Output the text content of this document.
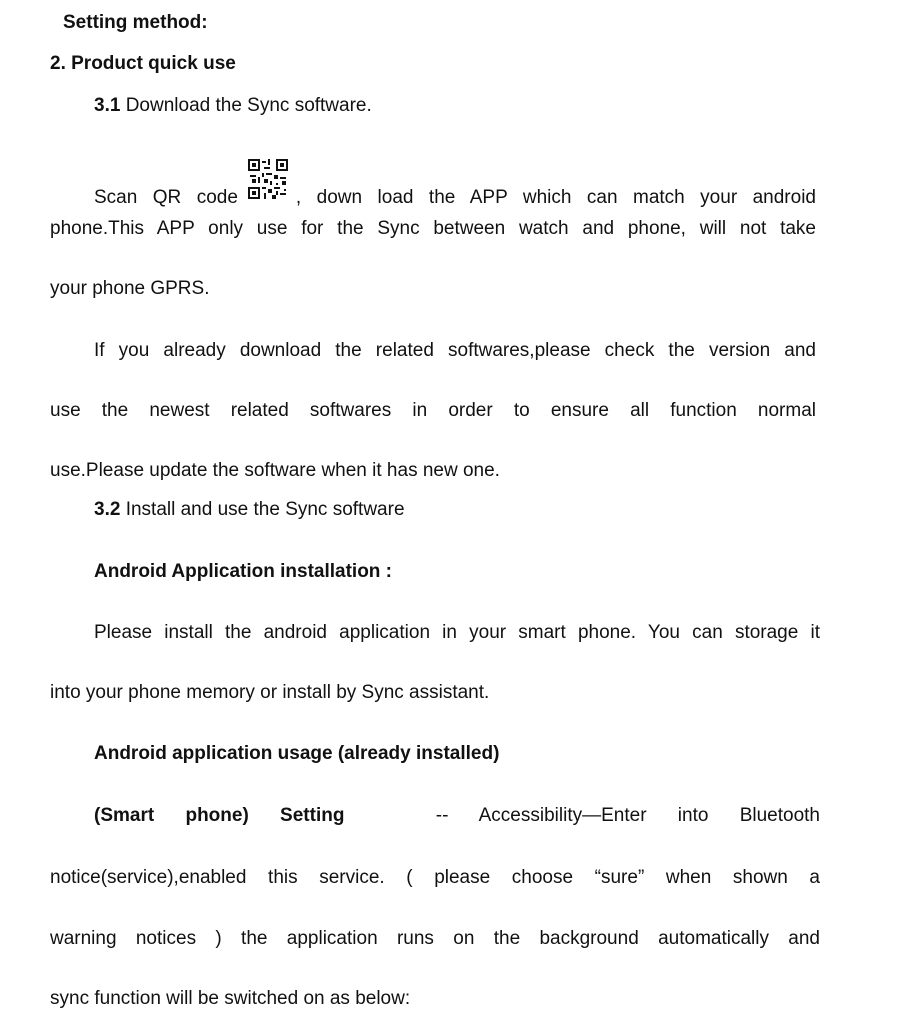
Setting method:
2. Product quick use
3.1 Download the Sync software.
Scan QR code	, down load the APP which can match your android
phone.This APP only use for the Sync between watch and phone, will not take
your phone GPRS.
If you already download the related softwares,please check the version and
use the newest related softwares in order to ensure all function normal
use.Please update the software when it has new one.
3.2 Install and use the Sync software
Android Application installation :
Please install the android application in your smart phone. You can storage it
into your phone memory or install by Sync assistant.
Android application usage (already installed)
(Smart phone) Setting	-- Accessibility—Enter into Bluetooth
notice(service),enabled this service. ( please choose “sure” when shown a
warning notices ) the application runs on the background automatically and
sync function will be switched on as below:
